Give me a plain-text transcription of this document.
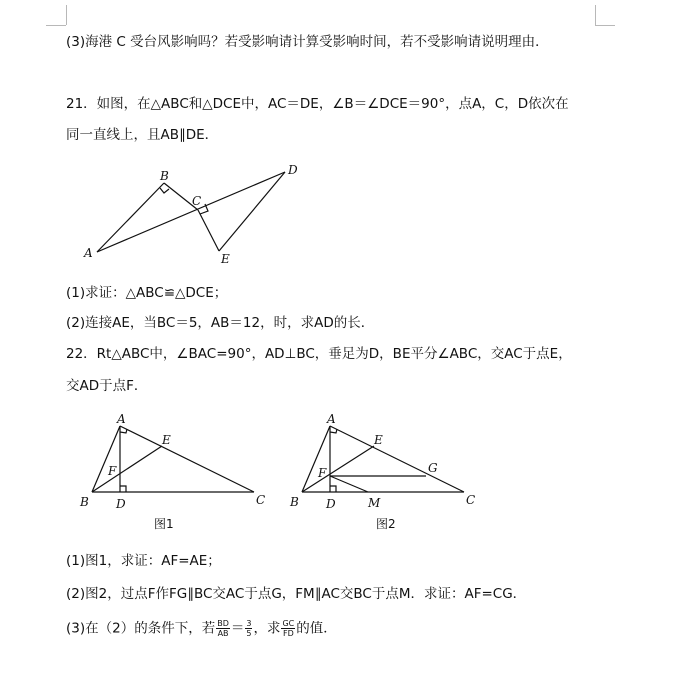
(3)海港 C 受台风影响吗？若受影响请计算受影响时间，若不受影响请说明理由．
21．如图，在△ABC和△DCE中，AC＝DE，∠B＝∠DCE＝90°，点A，C，D依次在
同一直线上，且AB∥DE．
A
B
C
D
E
(1)求证：△ABC≌△DCE；
(2)连接AE，当BC＝5，AB＝12，时，求AD的长．
22．Rt△ABC中，∠BAC=90°，AD⊥BC，垂足为D，BE平分∠ABC，交AC于点E，
交AD于点F．
A
B	C
D
E
F
图1
A
B	C
D
E
F	G
M
图2
(1)图1，求证：AF=AE；
(2)图2，过点F作FG∥BC交AC于点G，FM∥AC交BC于点M．求证：AF=CG．
(3)在（2）的条件下，若 $\frac{BD}{AB} = \frac{3}{5}$ ，求 $\frac{GC}{FD}$ 的值．
